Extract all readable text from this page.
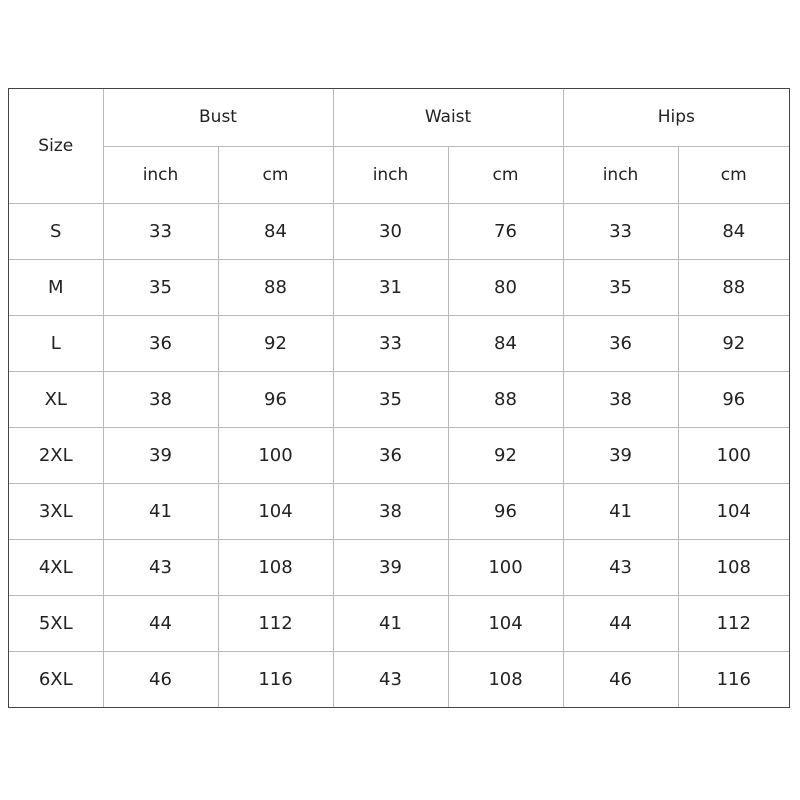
Size	Bust		Waist		Hips	
	inch	cm	inch	cm	inch	cm
S	33	84	30	76	33	84
M	35	88	31	80	35	88
L	36	92	33	84	36	92
XL	38	96	35	88	38	96
2XL	39	100	36	92	39	100
3XL	41	104	38	96	41	104
4XL	43	108	39	100	43	108
5XL	44	112	41	104	44	112
6XL	46	116	43	108	46	116
